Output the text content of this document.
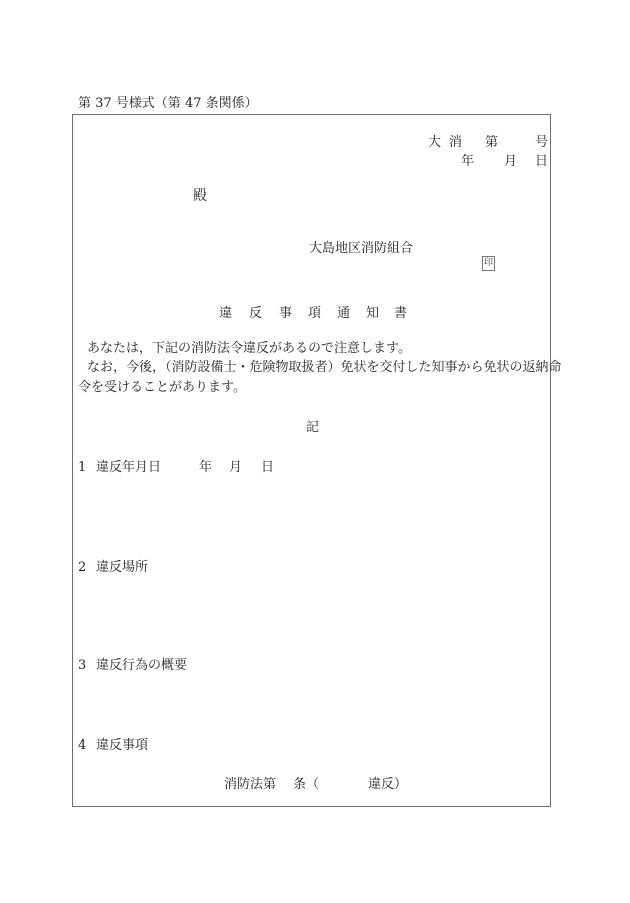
第 37 号様式（第 47 条関係）
大 消 第	号
年 月 日
殿
大島地区消防組合
印
違 反 事 項 通 知 書
あなたは，下記の消防法令違反があるので注意します。
なお，今後，（消防設備士・危険物取扱者）免状を交付した知事から免状の返納命
令を受けることがあります。
記
1 違反年月日	年 月 日
2 違反場所
3 違反行為の概要
4 違反事項
消防法第 条（	違反）
